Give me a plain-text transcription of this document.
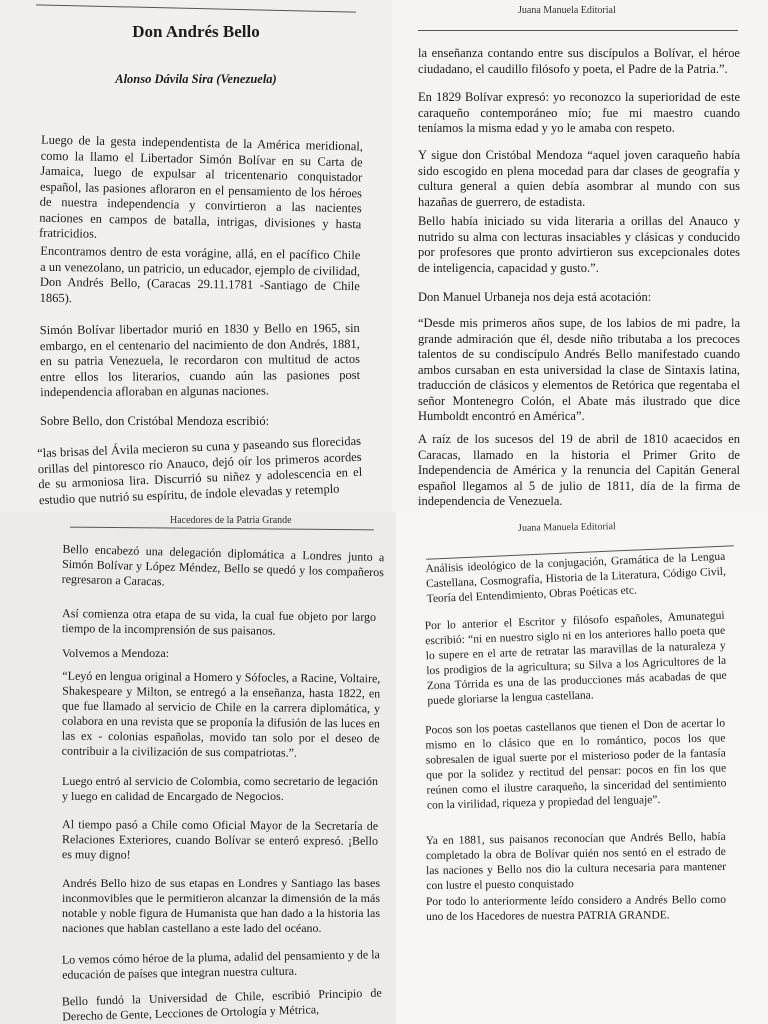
Don Andrés Bello
Alonso Dávila Sira (Venezuela)

Luego de la gesta independentista de la América meridional, como la llamo el Libertador Simón Bolívar en su Carta de Jamaica, luego de expulsar al tricentenario conquistador español, las pasiones afloraron en el pensamiento de los héroes de nuestra independencia y convirtieron a las nacientes naciones en campos de batalla, intrigas, divisiones y hasta fratricidios.

Encontramos dentro de esta vorágine, allá, en el pacífico Chile a un venezolano, un patricio, un educador, ejemplo de civilidad, Don Andrés Bello, (Caracas 29.11.1781 -Santiago de Chile 1865).

Simón Bolívar libertador murió en 1830 y Bello en 1965, sin embargo, en el centenario del nacimiento de don Andrés, 1881, en su patria Venezuela, le recordaron con multitud de actos entre ellos los literarios, cuando aún las pasiones post independencia afloraban en algunas naciones.

Sobre Bello, don Cristóbal Mendoza escribió:

“las brisas del Ávila mecieron su cuna y paseando sus florecidas orillas del pintoresco río Anauco, dejó oír los primeros acordes de su armoniosa lira. Discurrió su niñez y adolescencia en el estudio que nutrió su espíritu, de índole elevadas y retemplo

Juana Manuela Editorial

la enseñanza contando entre sus discípulos a Bolívar, el héroe ciudadano, el caudillo filósofo y poeta, el Padre de la Patria.”.

En 1829 Bolívar expresó: yo reconozco la superioridad de este caraqueño contemporáneo mío; fue mi maestro cuando teníamos la misma edad y yo le amaba con respeto.

Y sigue don Cristóbal Mendoza “aquel joven caraqueño había sido escogido en plena mocedad para dar clases de geografía y cultura general a quien debía asombrar al mundo con sus hazañas de guerrero, de estadista.

Bello había iniciado su vida literaria a orillas del Anauco y nutrido su alma con lecturas insaciables y clásicas y conducido por profesores que pronto advirtieron sus excepcionales dotes de inteligencia, capacidad y gusto.”.

Don Manuel Urbaneja nos deja está acotación:

“Desde mis primeros años supe, de los labios de mi padre, la grande admiración que él, desde niño tributaba a los precoces talentos de su condiscípulo Andrés Bello manifestado cuando ambos cursaban en esta universidad la clase de Sintaxis latina, traducción de clásicos y elementos de Retórica que regentaba el señor Montenegro Colón, el Abate más ilustrado que dice Humboldt encontró en América”.

A raíz de los sucesos del 19 de abril de 1810 acaecidos en Caracas, llamado en la historia el Primer Grito de Independencia de América y la renuncia del Capitán General español llegamos al 5 de julio de 1811, día de la firma de independencia de Venezuela.

Hacedores de la Patria Grande

Bello encabezó una delegación diplomática a Londres junto a Simón Bolívar y López Méndez, Bello se quedó y los compañeros regresaron a Caracas.

Así comienza otra etapa de su vida, la cual fue objeto por largo tiempo de la incomprensión de sus paisanos.

Volvemos a Mendoza:

“Leyó en lengua original a Homero y Sófocles, a Racine, Voltaire, Shakespeare y Milton, se entregó a la enseñanza, hasta 1822, en que fue llamado al servicio de Chile en la carrera diplomática, y colabora en una revista que se proponía la difusión de las luces en las ex - colonias españolas, movido tan solo por el deseo de contribuir a la civilización de sus compatriotas.”.

Luego entró al servicio de Colombia, como secretario de legación y luego en calidad de Encargado de Negocios.

Al tiempo pasó a Chile como Oficial Mayor de la Secretaría de Relaciones Exteriores, cuando Bolívar se enteró expresó. ¡Bello es muy digno!

Andrés Bello hizo de sus etapas en Londres y Santiago las bases inconmovibles que le permitieron alcanzar la dimensión de la más notable y noble figura de Humanista que han dado a la historia las naciones que hablan castellano a este lado del océano.

Lo vemos cómo héroe de la pluma, adalid del pensamiento y de la educación de países que integran nuestra cultura.

Bello fundó la Universidad de Chile, escribió Principio de Derecho de Gente, Lecciones de Ortología y Métrica,

Juana Manuela Editorial

Análisis ideológico de la conjugación, Gramática de la Lengua Castellana, Cosmografía, Historia de la Literatura, Código Civil, Teoría del Entendimiento, Obras Poéticas etc.

Por lo anterior el Escritor y filósofo españoles, Amunategui escribió: “ni en nuestro siglo ni en los anteriores hallo poeta que lo supere en el arte de retratar las maravillas de la naturaleza y los prodigios de la agricultura; su Silva a los Agricultores de la Zona Tórrida es una de las producciones más acabadas de que puede gloriarse la lengua castellana.

Pocos son los poetas castellanos que tienen el Don de acertar lo mismo en lo clásico que en lo romántico, pocos los que sobresalen de igual suerte por el misterioso poder de la fantasía que por la solidez y rectitud del pensar: pocos en fin los que reúnen como el ilustre caraqueño, la sinceridad del sentimiento con la virilidad, riqueza y propiedad del lenguaje”.

Ya en 1881, sus paisanos reconocían que Andrés Bello, había completado la obra de Bolívar quién nos sentó en el estrado de las naciones y Bello nos dio la cultura necesaria para mantener con lustre el puesto conquistado

Por todo lo anteriormente leído considero a Andrés Bello como uno de los Hacedores de nuestra PATRIA GRANDE.
